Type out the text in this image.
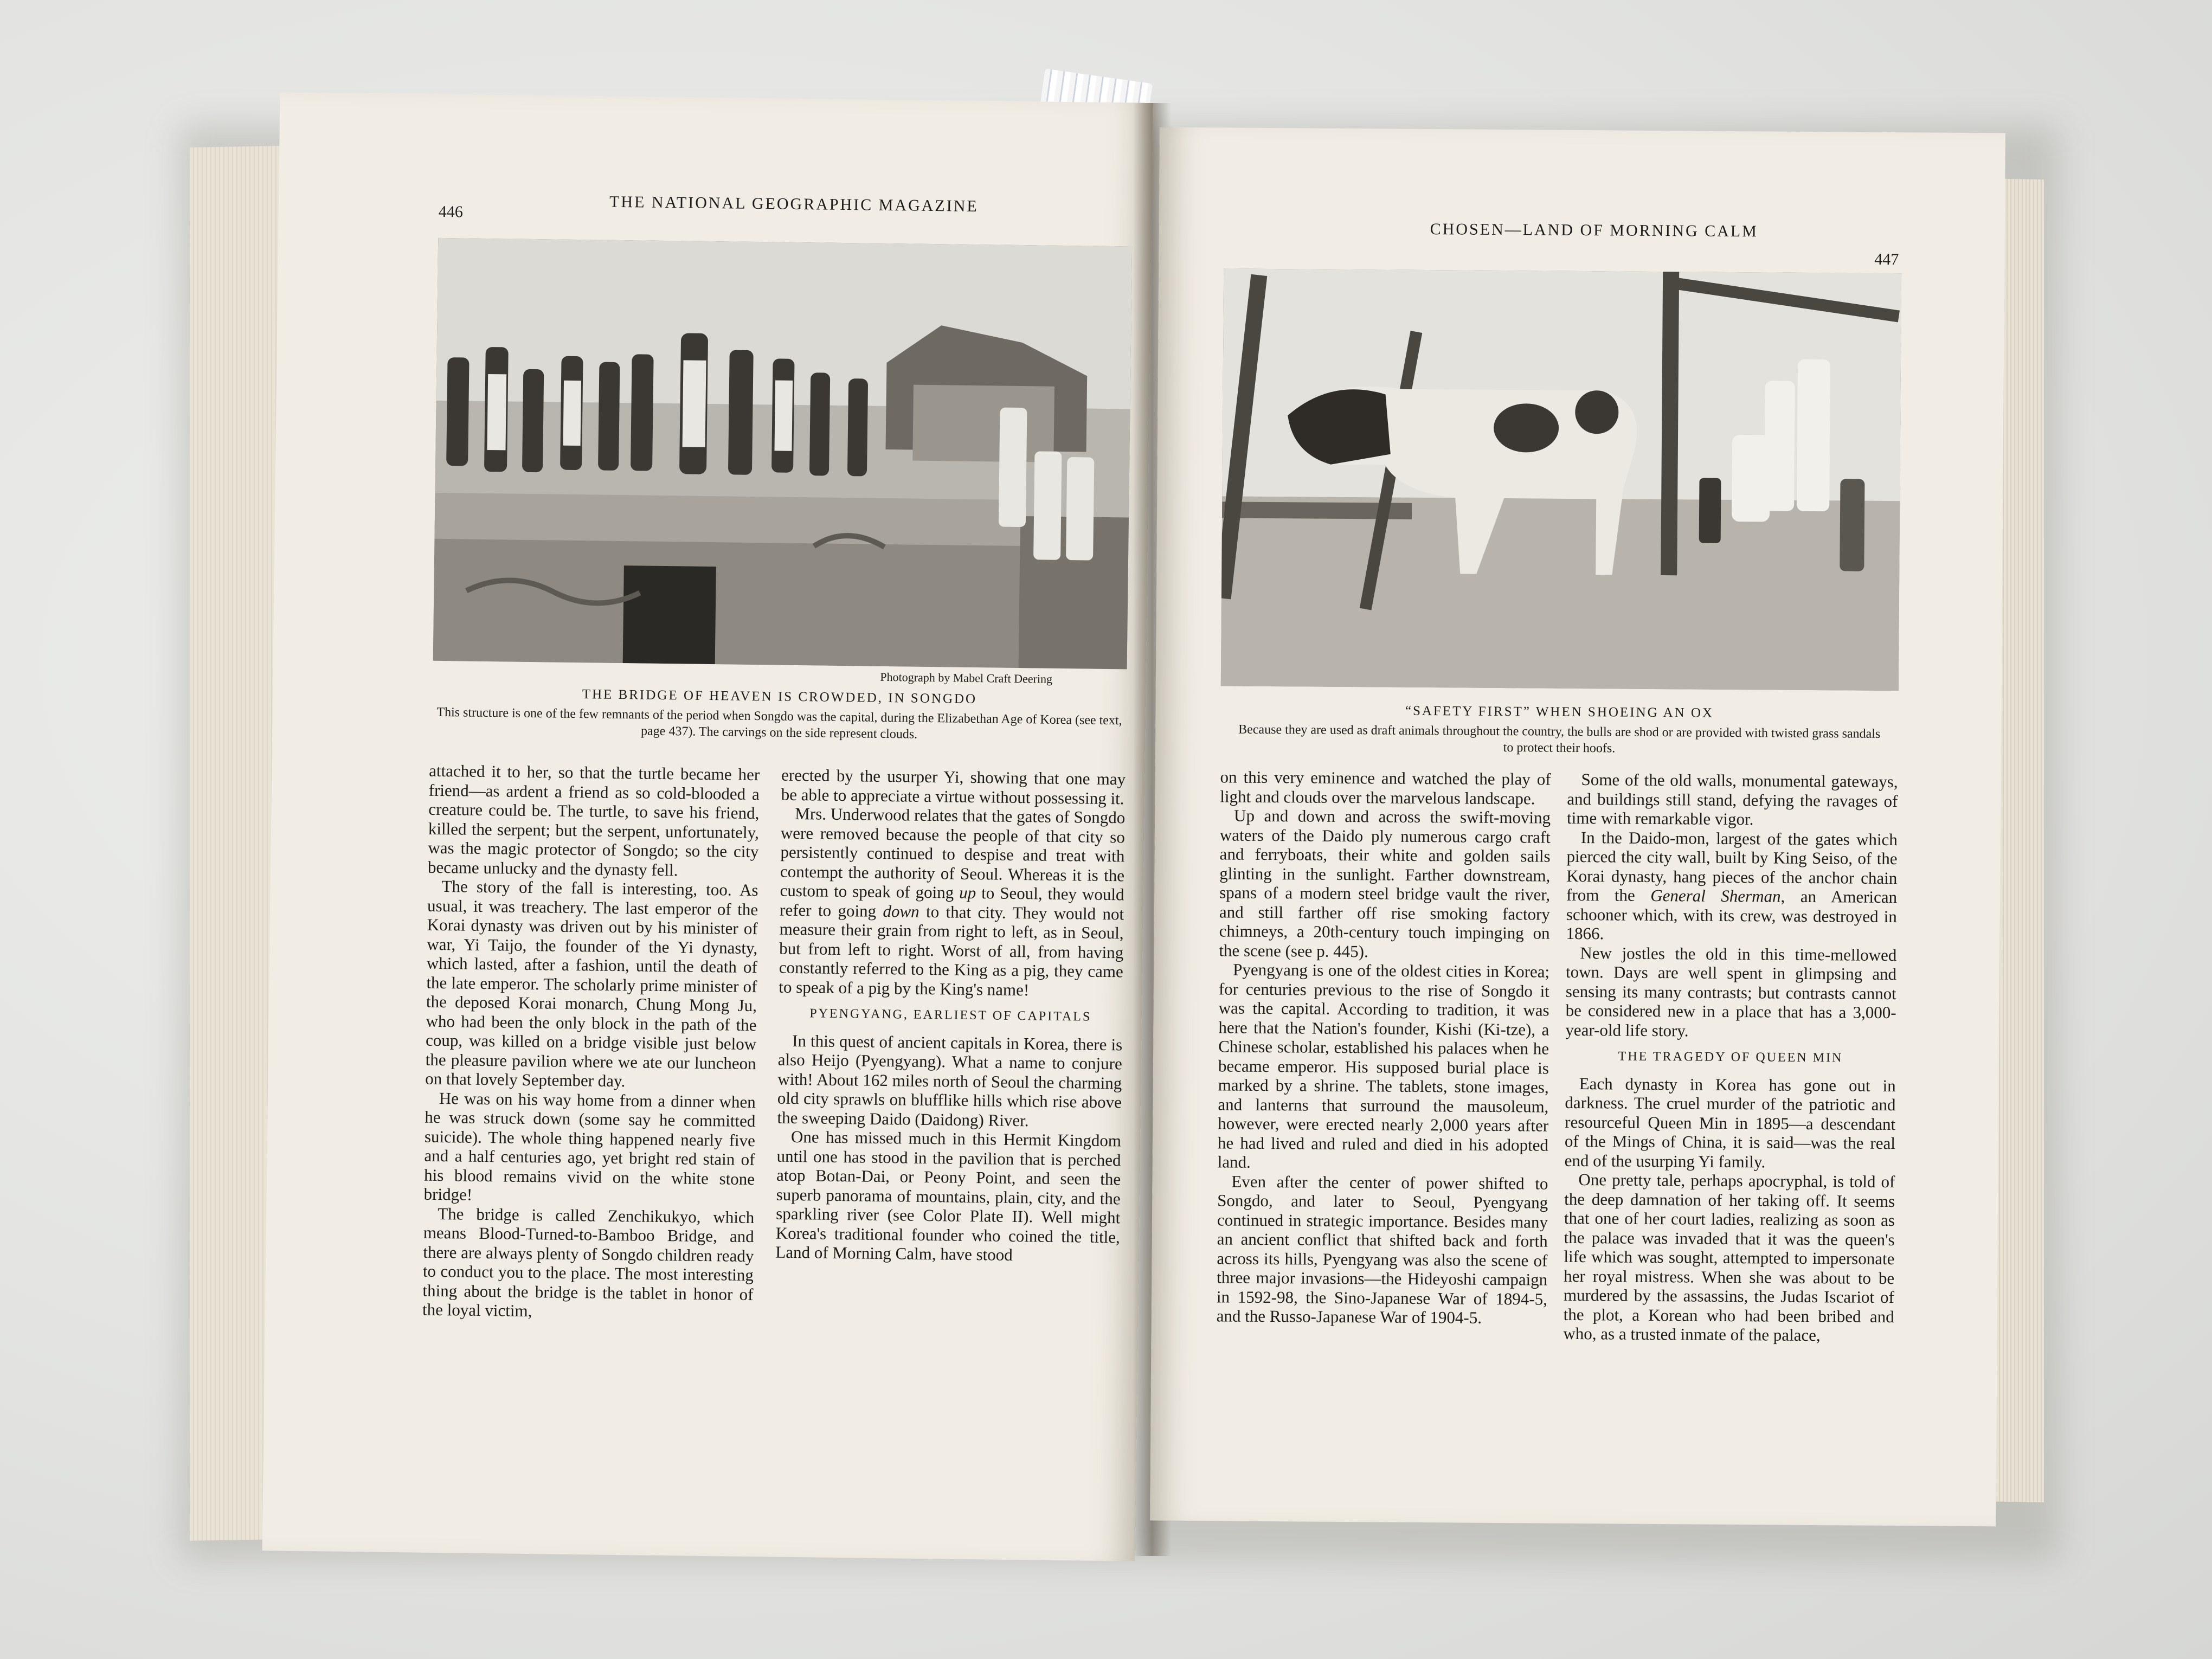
446	THE NATIONAL GEOGRAPHIC MAGAZINE
Photograph by Mabel Craft Deering
THE BRIDGE OF HEAVEN IS CROWDED, IN SONGDO
This structure is one of the few remnants of the period when Songdo was the capital, during the Elizabethan Age of Korea (see text, page 437). The carvings on the side represent clouds.

attached it to her, so that the turtle became her friend—as ardent a friend as so cold-blooded a creature could be. The turtle, to save his friend, killed the serpent; but the serpent, unfortunately, was the magic protector of Songdo; so the city became unlucky and the dynasty fell.

The story of the fall is interesting, too. As usual, it was treachery. The last emperor of the Korai dynasty was driven out by his minister of war, Yi Taijo, the founder of the Yi dynasty, which lasted, after a fashion, until the death of the late emperor. The scholarly prime minister of the deposed Korai monarch, Chung Mong Ju, who had been the only block in the path of the coup, was killed on a bridge visible just below the pleasure pavilion where we ate our luncheon on that lovely September day.

He was on his way home from a dinner when he was struck down (some say he committed suicide). The whole thing happened nearly five and a half centuries ago, yet bright red stain of his blood remains vivid on the white stone bridge!

The bridge is called Zenchikukyo, which means Blood-Turned-to-Bamboo Bridge, and there are always plenty of Songdo children ready to conduct you to the place. The most interesting thing about the bridge is the tablet in honor of the loyal victim,

erected by the usurper Yi, showing that one may be able to appreciate a virtue without possessing it.

Mrs. Underwood relates that the gates of Songdo were removed because the people of that city so persistently continued to despise and treat with contempt the authority of Seoul. Whereas it is the custom to speak of going up to Seoul, they would refer to going down to that city. They would not measure their grain from right to left, as in Seoul, but from left to right. Worst of all, from having constantly referred to the King as a pig, they came to speak of a pig by the King's name!

PYENGYANG, EARLIEST OF CAPITALS

In this quest of ancient capitals in Korea, there is also Heijo (Pyengyang). What a name to conjure with! About 162 miles north of Seoul the charming old city sprawls on blufflike hills which rise above the sweeping Daido (Daidong) River.

One has missed much in this Hermit Kingdom until one has stood in the pavilion that is perched atop Botan-Dai, or Peony Point, and seen the superb panorama of mountains, plain, city, and the sparkling river (see Color Plate II). Well might Korea's traditional founder who coined the title, Land of Morning Calm, have stood

CHOSEN—LAND OF MORNING CALM
447
“SAFETY FIRST” WHEN SHOEING AN OX
Because they are used as draft animals throughout the country, the bulls are shod or are provided with twisted grass sandals to protect their hoofs.

on this very eminence and watched the play of light and clouds over the marvelous landscape.

Up and down and across the swift-moving waters of the Daido ply numerous cargo craft and ferryboats, their white and golden sails glinting in the sunlight. Farther downstream, spans of a modern steel bridge vault the river, and still farther off rise smoking factory chimneys, a 20th-century touch impinging on the scene (see p. 445).

Pyengyang is one of the oldest cities in Korea; for centuries previous to the rise of Songdo it was the capital. According to tradition, it was here that the Nation's founder, Kishi (Ki-tze), a Chinese scholar, established his palaces when he became emperor. His supposed burial place is marked by a shrine. The tablets, stone images, and lanterns that surround the mausoleum, however, were erected nearly 2,000 years after he had lived and ruled and died in his adopted land.

Even after the center of power shifted to Songdo, and later to Seoul, Pyengyang continued in strategic importance. Besides many an ancient conflict that shifted back and forth across its hills, Pyengyang was also the scene of three major invasions—the Hideyoshi campaign in 1592-98, the Sino-Japanese War of 1894-5, and the Russo-Japanese War of 1904-5.

Some of the old walls, monumental gateways, and buildings still stand, defying the ravages of time with remarkable vigor.

In the Daido-mon, largest of the gates which pierced the city wall, built by King Seiso, of the Korai dynasty, hang pieces of the anchor chain from the General Sherman, an American schooner which, with its crew, was destroyed in 1866.

New jostles the old in this time-mellowed town. Days are well spent in glimpsing and sensing its many contrasts; but contrasts cannot be considered new in a place that has a 3,000-year-old life story.

THE TRAGEDY OF QUEEN MIN

Each dynasty in Korea has gone out in darkness. The cruel murder of the patriotic and resourceful Queen Min in 1895—a descendant of the Mings of China, it is said—was the real end of the usurping Yi family.

One pretty tale, perhaps apocryphal, is told of the deep damnation of her taking off. It seems that one of her court ladies, realizing as soon as the palace was invaded that it was the queen's life which was sought, attempted to impersonate her royal mistress. When she was about to be murdered by the assassins, the Judas Iscariot of the plot, a Korean who had been bribed and who, as a trusted inmate of the palace,
